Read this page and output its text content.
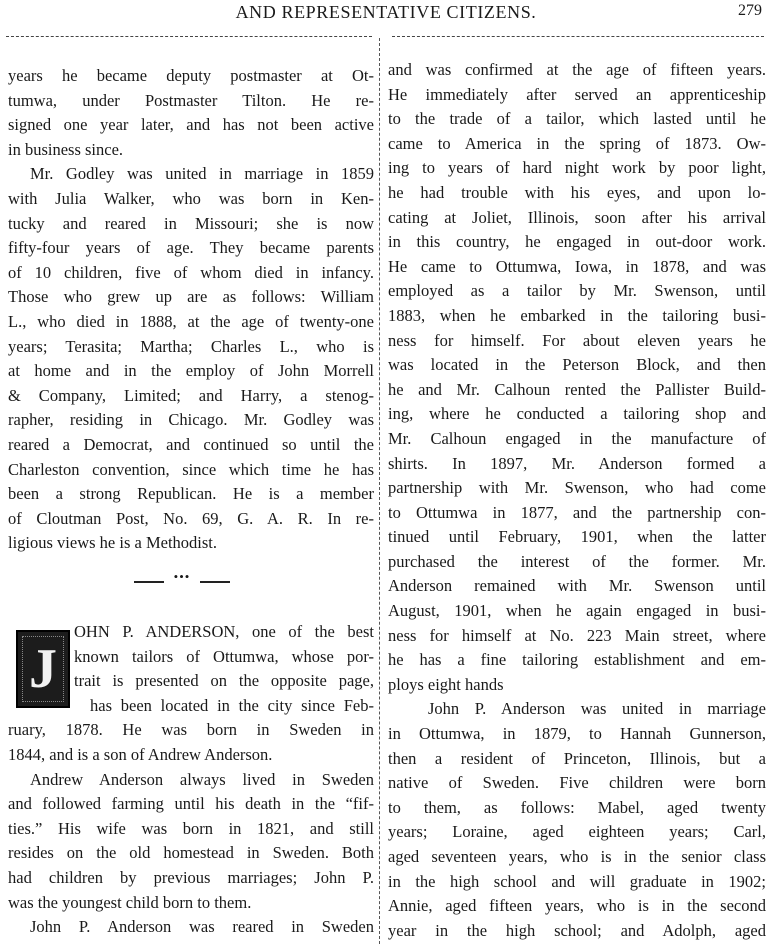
AND REPRESENTATIVE CITIZENS.	279
years he became deputy postmaster at Ot-
tumwa, under Postmaster Tilton. He re-
signed one year later, and has not been active
in business since.
Mr. Godley was united in marriage in 1859
with Julia Walker, who was born in Ken-
tucky and reared in Missouri; she is now
fifty-four years of age. They became parents
of 10 children, five of whom died in infancy.
Those who grew up are as follows: William
L., who died in 1888, at the age of twenty-one
years; Terasita; Martha; Charles L., who is
at home and in the employ of John Morrell
& Company, Limited; and Harry, a stenog-
rapher, residing in Chicago. Mr. Godley was
reared a Democrat, and continued so until the
Charleston convention, since which time he has
been a strong Republican. He is a member
of Cloutman Post, No. 69, G. A. R. In re-
ligious views he is a Methodist.
•••
J
OHN P. ANDERSON, one of the best
known tailors of Ottumwa, whose por-
trait is presented on the opposite page,
has been located in the city since Feb-
ruary, 1878. He was born in Sweden in
1844, and is a son of Andrew Anderson.
Andrew Anderson always lived in Sweden
and followed farming until his death in the “fif-
ties.” His wife was born in 1821, and still
resides on the old homestead in Sweden. Both
had children by previous marriages; John P.
was the youngest child born to them.
John P. Anderson was reared in Sweden
and was confirmed at the age of fifteen years.
He immediately after served an apprenticeship
to the trade of a tailor, which lasted until he
came to America in the spring of 1873. Ow-
ing to years of hard night work by poor light,
he had trouble with his eyes, and upon lo-
cating at Joliet, Illinois, soon after his arrival
in this country, he engaged in out-door work.
He came to Ottumwa, Iowa, in 1878, and was
employed as a tailor by Mr. Swenson, until
1883, when he embarked in the tailoring busi-
ness for himself. For about eleven years he
was located in the Peterson Block, and then
he and Mr. Calhoun rented the Pallister Build-
ing, where he conducted a tailoring shop and
Mr. Calhoun engaged in the manufacture of
shirts. In 1897, Mr. Anderson formed a
partnership with Mr. Swenson, who had come
to Ottumwa in 1877, and the partnership con-
tinued until February, 1901, when the latter
purchased the interest of the former. Mr.
Anderson remained with Mr. Swenson until
August, 1901, when he again engaged in busi-
ness for himself at No. 223 Main street, where
he has a fine tailoring establishment and em-
ploys eight hands
John P. Anderson was united in marriage
in Ottumwa, in 1879, to Hannah Gunnerson,
then a resident of Princeton, Illinois, but a
native of Sweden. Five children were born
to them, as follows: Mabel, aged twenty
years; Loraine, aged eighteen years; Carl,
aged seventeen years, who is in the senior class
in the high school and will graduate in 1902;
Annie, aged fifteen years, who is in the second
year in the high school; and Adolph, aged
